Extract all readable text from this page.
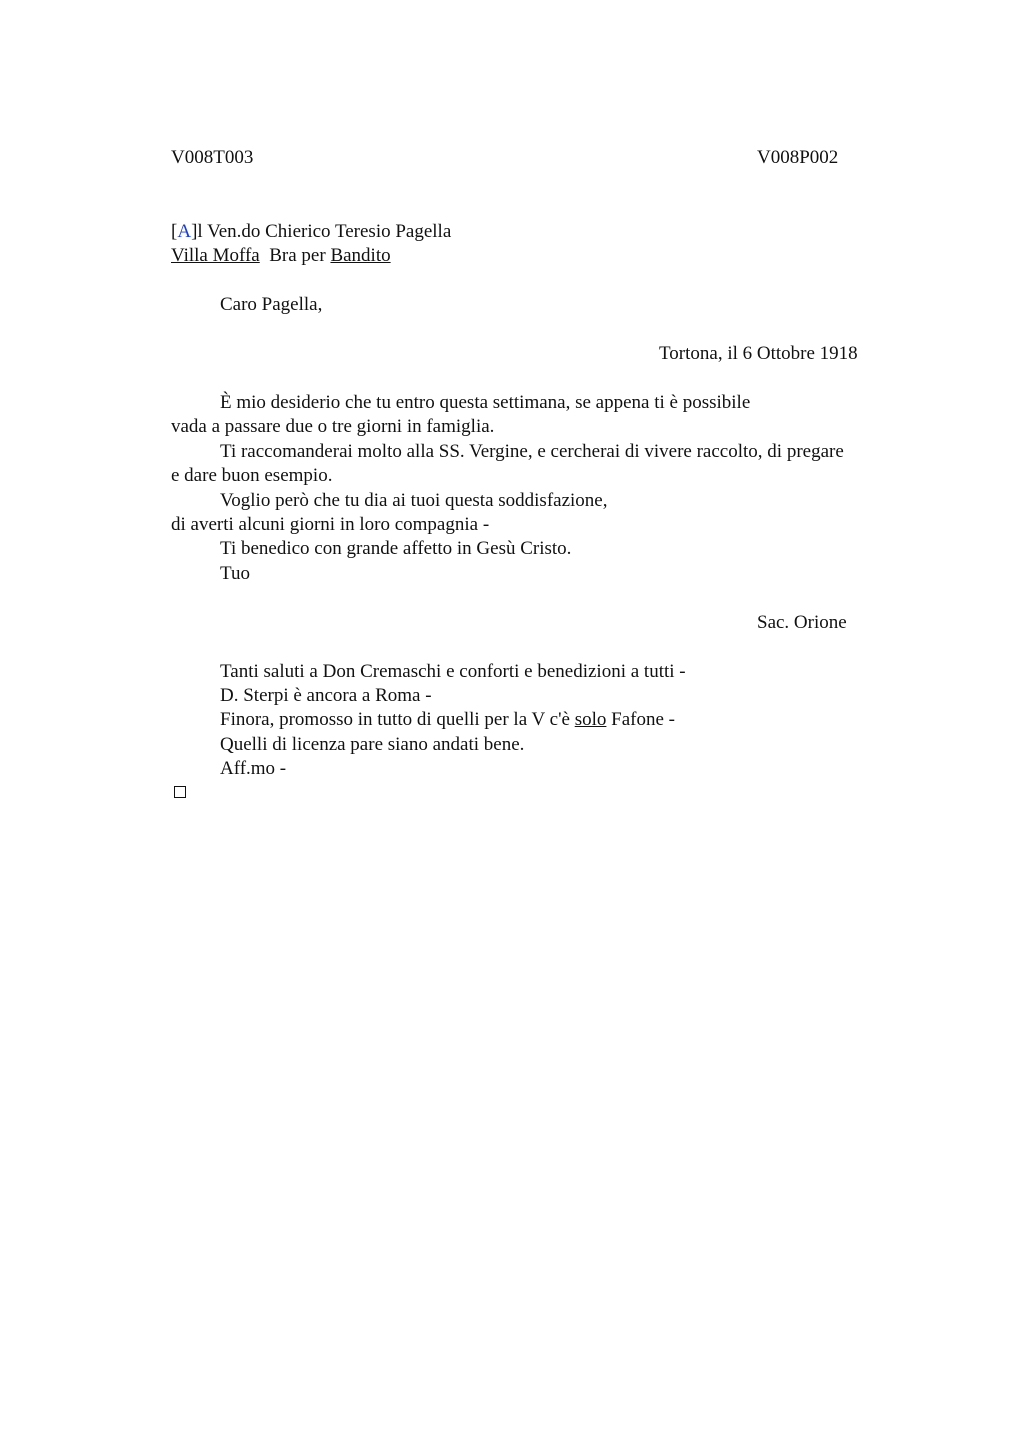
V008T003	V008P002
[A]l Ven.do Chierico Teresio Pagella
Villa Moffa  Bra per Bandito
Caro Pagella,
Tortona, il 6 Ottobre 1918
È mio desiderio che tu entro questa settimana, se appena ti è possibile
vada a passare due o tre giorni in famiglia.
Ti raccomanderai molto alla SS. Vergine, e cercherai di vivere raccolto, di pregare
e dare buon esempio.
Voglio però che tu dia ai tuoi questa soddisfazione,
di averti alcuni giorni in loro compagnia -
Ti benedico con grande affetto in Gesù Cristo.
Tuo
Sac. Orione
Tanti saluti a Don Cremaschi e conforti e benedizioni a tutti -
D. Sterpi è ancora a Roma -
Finora, promosso in tutto di quelli per la V c'è solo Fafone -
Quelli di licenza pare siano andati bene.
Aff.mo -
